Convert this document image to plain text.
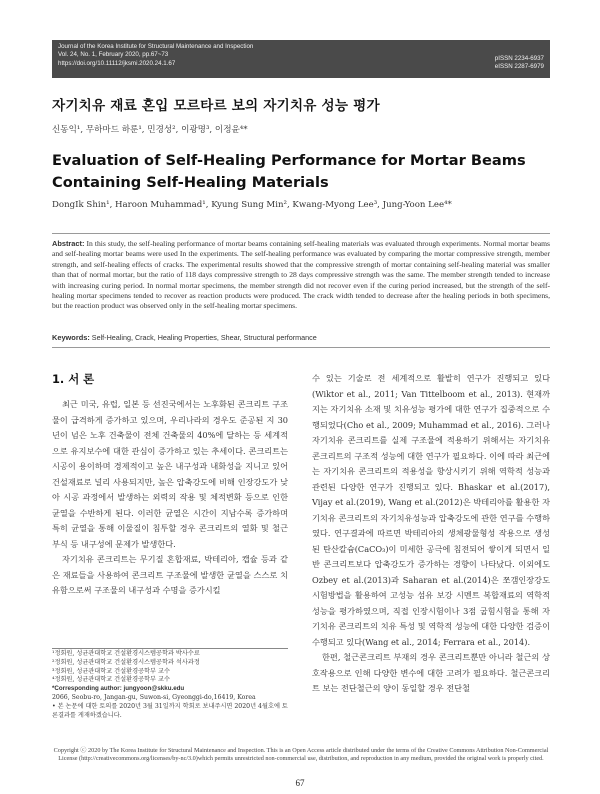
Journal of the Korea Institute for Structural Maintenance and Inspection
Vol. 24, No. 1, February 2020, pp.67~73
https://doi.org/10.11112/jksmi.2020.24.1.67
pISSN 2234-6937
eISSN 2287-6979
자기치유 재료 혼입 모르타르 보의 자기치유 성능 평가
신동익¹, 무하마드 하룬¹, 민경성², 이광명³, 이정윤⁴*
Evaluation of Self-Healing Performance for Mortar Beams Containing Self-Healing Materials
DongIk Shin¹, Haroon Muhammad¹, Kyung Sung Min², Kwang-Myong Lee³, Jung-Yoon Lee⁴*
Abstract: In this study, the self-healing performance of mortar beams containing self-healing materials was evaluated through experiments. Normal mortar beams and self-healing mortar beams were used In the experiments. The self-healing performance was evaluated by comparing the mortar compressive strength, member strength, and self-healing effects of cracks. The experimental results showed that the compressive strength of mortar containing self-healing material was smaller than that of normal mortar, but the ratio of 118 days compressive strength to 28 days compressive strength was the same. The member strength tended to increase with increasing curing period. In normal mortar specimens, the member strength did not recover even if the curing period increased, but the strength of the self-healing mortar specimens tended to recover as reaction products were produced. The crack width tended to decrease after the healing periods in both specimens, but the reaction product was observed only in the self-healing mortar specimens.
Keywords: Self-Healing, Crack, Healing Properties, Shear, Structural performance
1. 서 론

최근 미국, 유럽, 일본 등 선진국에서는 노후화된 콘크리트 구조물이 급격하게 증가하고 있으며, 우리나라의 경우도 준공된 지 30년이 넘은 노후 건축물이 전체 건축물의 40%에 달하는 등 세계적으로 유지보수에 대한 관심이 증가하고 있는 추세이다. 콘크리트는 시공이 용이하며 경제적이고 높은 내구성과 내화성을 지니고 있어 건설재료로 널리 사용되지만, 높은 압축강도에 비해 인장강도가 낮아 시공 과정에서 발생하는 외력의 작용 및 체적변화 등으로 인한 균열을 수반하게 된다. 이러한 균열은 시간이 지남수록 증가하며 특히 균열을 통해 이물질이 침투할 경우 콘크리트의 열화 및 철근 부식 등 내구성에 문제가 발생한다.

자기치유 콘크리트는 무기질 혼합재료, 박테리아, 캡슐 등과 같은 재료들을 사용하여 콘크리트 구조물에 발생한 균열을 스스로 치유함으로써 구조물의 내구성과 수명을 증가시킬

수 있는 기술로 전 세계적으로 활발히 연구가 진행되고 있다(Wiktor et al., 2011; Van Tittelboom et al., 2013). 현재까지는 자기치유 소재 및 치유성능 평가에 대한 연구가 집중적으로 수행되었다(Cho et al., 2009; Muhammad et al., 2016). 그러나 자기치유 콘크리트를 실제 구조물에 적용하기 위해서는 자기치유 콘크리트의 구조적 성능에 대한 연구가 필요하다. 이에 따라 최근에는 자기치유 콘크리트의 적용성을 향상시키기 위해 역학적 성능과 관련된 다양한 연구가 진행되고 있다. Bhaskar et al.(2017), Vijay et al.(2019), Wang et al.(2012)은 박테리아를 활용한 자기치유 콘크리트의 자기치유성능과 압축강도에 관한 연구를 수행하였다. 연구결과에 따르면 박테리아의 생체광물형성 작용으로 생성된 탄산칼슘(CaCO₃)이 미세한 공극에 침전되어 쌓이게 되면서 일반 콘크리트보다 압축강도가 증가하는 경향이 나타났다. 이외에도 Ozbey et al.(2013)과 Saharan et al.(2014)은 쪼갬인장강도 시험방법을 활용하여 고성능 섬유 보강 시멘트 복합재료의 역학적 성능을 평가하였으며, 직접 인장시험이나 3점 굽힘시험을 통해 자기치유 콘크리트의 치유 특성 및 역학적 성능에 대한 다양한 검증이 수행되고 있다(Wang et al., 2014; Ferrara et al., 2014).

한편, 철근콘크리트 부재의 경우 콘크리트뿐만 아니라 철근의 상호작용으로 인해 다양한 변수에 대한 고려가 필요하다. 철근콘크리트 보는 전단철근의 양이 동일할 경우 전단철

¹정회원, 성균관대학교 건설환경시스템공학과 박사수료
²정회원, 성균관대학교 건설환경시스템공학과 석사과정
³정회원, 성균관대학교 건설환경공학부 교수
⁴정회원, 성균관대학교 건설환경공학부 교수
*Corresponding author: jungyoon@skku.edu
2066, Seobu-ro, Jangan-gu, Suwon-si, Gyeonggi-do,16419, Korea
• 본 논문에 대한 토의를 2020년 3월 31일까지 학회로 보내주시면 2020년 4월호에 토론결과를 게재하겠습니다.
Copyright ⓒ 2020 by The Korea Institute for Structural Maintenance and Inspection. This is an Open Access article distributed under the terms of the Creative Commons Attribution Non-Commercial License (http://creativecommons.org/licenses/by-nc/3.0)which permits unrestricted non-commercial use, distribution, and reproduction in any medium, provided the original work is properly cited.
67
